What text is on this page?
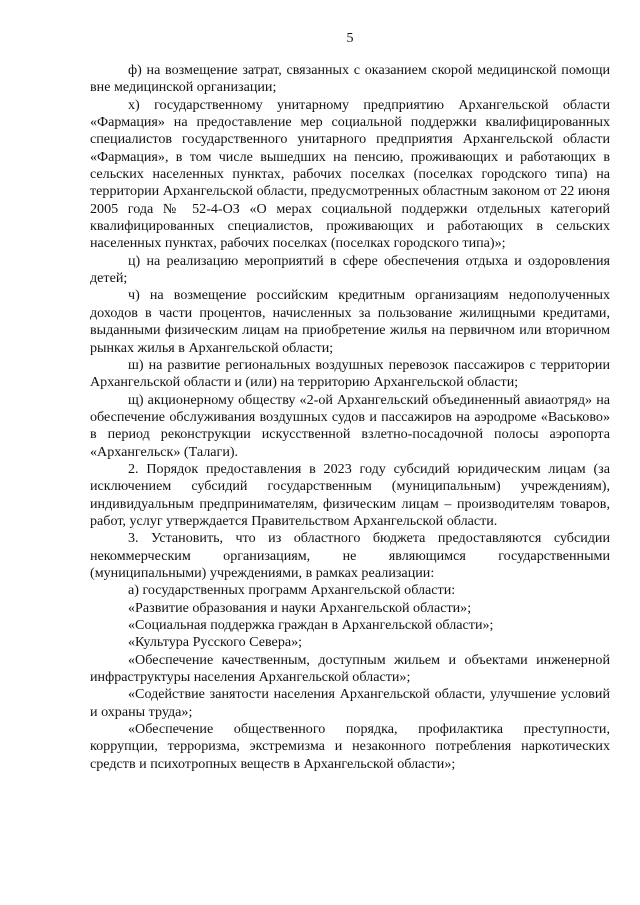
5

ф) на возмещение затрат, связанных с оказанием скорой медицинской помощи вне медицинской организации;

х) государственному унитарному предприятию Архангельской области «Фармация» на предоставление мер социальной поддержки квалифицированных специалистов государственного унитарного предприятия Архангельской области «Фармация», в том числе вышедших на пенсию, проживающих и работающих в сельских населенных пунктах, рабочих поселках (поселках городского типа) на территории Архангельской области, предусмотренных областным законом от 22 июня 2005 года № 52-4-ОЗ «О мерах социальной поддержки отдельных категорий квалифицированных специалистов, проживающих и работающих в сельских населенных пунктах, рабочих поселках (поселках городского типа)»;

ц) на реализацию мероприятий в сфере обеспечения отдыха и оздоровления детей;

ч) на возмещение российским кредитным организациям недополученных доходов в части процентов, начисленных за пользование жилищными кредитами, выданными физическим лицам на приобретение жилья на первичном или вторичном рынках жилья в Архангельской области;

ш) на развитие региональных воздушных перевозок пассажиров с территории Архангельской области и (или) на территорию Архангельской области;

щ) акционерному обществу «2-ой Архангельский объединенный авиаотряд» на обеспечение обслуживания воздушных судов и пассажиров на аэродроме «Васьково» в период реконструкции искусственной взлетно-посадочной полосы аэропорта «Архангельск» (Талаги).

2. Порядок предоставления в 2023 году субсидий юридическим лицам (за исключением субсидий государственным (муниципальным) учреждениям), индивидуальным предпринимателям, физическим лицам – производителям товаров, работ, услуг утверждается Правительством Архангельской области.

3. Установить, что из областного бюджета предоставляются субсидии некоммерческим организациям, не являющимся государственными (муниципальными) учреждениями, в рамках реализации:

а) государственных программ Архангельской области:

«Развитие образования и науки Архангельской области»;

«Социальная поддержка граждан в Архангельской области»;

«Культура Русского Севера»;

«Обеспечение качественным, доступным жильем и объектами инженерной инфраструктуры населения Архангельской области»;

«Содействие занятости населения Архангельской области, улучшение условий и охраны труда»;

«Обеспечение общественного порядка, профилактика преступности, коррупции, терроризма, экстремизма и незаконного потребления наркотических средств и психотропных веществ в Архангельской области»;
